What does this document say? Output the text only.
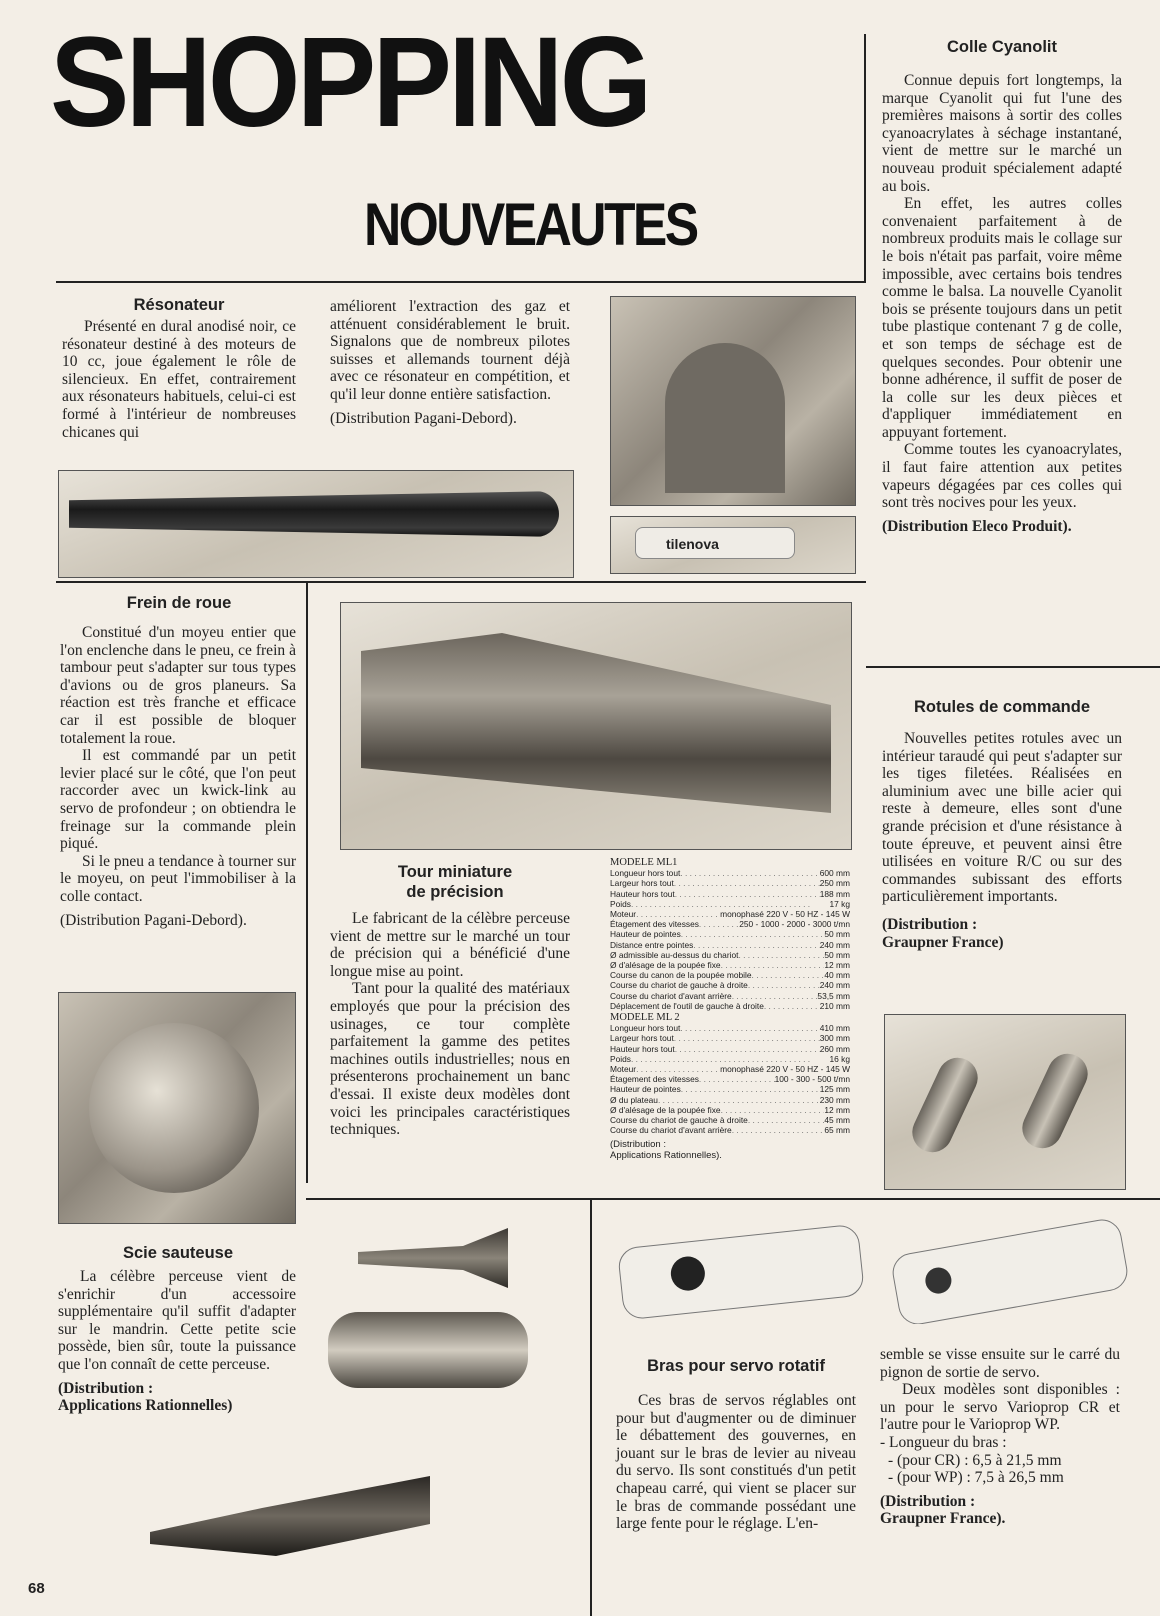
SHOPPING
NOUVEAUTES
Résonateur

Présenté en dural anodisé noir, ce résonateur destiné à des moteurs de 10 cc, joue également le rôle de silencieux. En effet, contrairement aux résonateurs habituels, celui-ci est formé à l'intérieur de nombreuses chicanes qui

améliorent l'extraction des gaz et atténuent considérablement le bruit. Signalons que de nombreux pilotes suisses et allemands tournent déjà avec ce résonateur en compétition, et qu'il leur donne entière satisfaction.

(Distribution Pagani-Debord).

tilenova
Colle Cyanolit

Connue depuis fort longtemps, la marque Cyanolit qui fut l'une des premières maisons à sortir des colles cyanoacrylates à séchage instantané, vient de mettre sur le marché un nouveau produit spécialement adapté au bois.

En effet, les autres colles convenaient parfaitement à de nombreux produits mais le collage sur le bois n'était pas parfait, voire même impossible, avec certains bois tendres comme le balsa. La nouvelle Cyanolit bois se présente toujours dans un petit tube plastique contenant 7 g de colle, et son temps de séchage est de quelques secondes. Pour obtenir une bonne adhérence, il suffit de poser de la colle sur les deux pièces et d'appliquer immédiatement en appuyant fortement.

Comme toutes les cyanoacrylates, il faut faire attention aux petites vapeurs dégagées par ces colles qui sont très nocives pour les yeux.

(Distribution Eleco Produit).

Frein de roue

Constitué d'un moyeu entier que l'on enclenche dans le pneu, ce frein à tambour peut s'adapter sur tous types d'avions ou de gros planeurs. Sa réaction est très franche et efficace car il est possible de bloquer totalement la roue.

Il est commandé par un petit levier placé sur le côté, que l'on peut raccorder avec un kwick-link au servo de profondeur ; on obtiendra le freinage sur la commande plein piqué.

Si le pneu a tendance à tourner sur le moyeu, on peut l'immobiliser à la colle contact.

(Distribution Pagani-Debord).

Tour miniature
de précision

Le fabricant de la célèbre perceuse vient de mettre sur le marché un tour de précision qui a bénéficié d'une longue mise au point.

Tant pour la qualité des matériaux employés que pour la précision des usinages, ce tour complète parfaitement la gamme des petites machines outils industrielles; nous en présenterons prochainement un banc d'essai. Il existe deux modèles dont voici les principales caractéristiques techniques.

MODELE ML1
Longueur hors tout . . .	600 mm
Largeur hors tout . . .	250 mm
Hauteur hors tout . . .	188 mm
Poids . . .	17 kg
Moteur . . .	monophasé 220 V - 50 HZ - 145 W
Étagement des vitesses . . .	250 - 1000 - 2000 - 3000 t/mn
Hauteur de pointes . . .	50 mm
Distance entre pointes . . .	240 mm
Ø admissible au-dessus du chariot . . .	50 mm
Ø d'alésage de la poupée fixe . . .	12 mm
Course du canon de la poupée mobile . . .	40 mm
Course du chariot de gauche à droite . . .	240 mm
Course du chariot d'avant arrière . . .	53,5 mm
Déplacement de l'outil de gauche à droite . . .	210 mm
MODELE ML 2
Longueur hors tout . . .	410 mm
Largeur hors tout . . .	300 mm
Hauteur hors tout . . .	260 mm
Poids . . .	16 kg
Moteur . . .	monophasé 220 V - 50 HZ - 145 W
Étagement des vitesses . . .	100 - 300 - 500 t/mn
Hauteur de pointes . . .	125 mm
Ø du plateau . . .	230 mm
Ø d'alésage de la poupée fixe . . .	12 mm
Course du chariot de gauche à droite . . .	45 mm
Course du chariot d'avant arrière . . .	65 mm
(Distribution :
Applications Rationnelles).
Rotules de commande

Nouvelles petites rotules avec un intérieur taraudé qui peut s'adapter sur les tiges filetées. Réalisées en aluminium avec une bille acier qui reste à demeure, elles sont d'une grande précision et d'une résistance à toute épreuve, et peuvent ainsi être utilisées en voiture R/C ou sur des commandes subissant des efforts particulièrement importants.

(Distribution :

Graupner France)

Scie sauteuse

La célèbre perceuse vient de s'enrichir d'un accessoire supplémentaire qu'il suffit d'adapter sur le mandrin. Cette petite scie possède, bien sûr, toute la puissance que l'on connaît de cette perceuse.

(Distribution :

Applications Rationnelles)

Bras pour servo rotatif

Ces bras de servos réglables ont pour but d'augmenter ou de diminuer le débattement des gouvernes, en jouant sur le bras de levier au niveau du servo. Ils sont constitués d'un petit chapeau carré, qui vient se placer sur le bras de commande possédant une large fente pour le réglage. L'en-

semble se visse ensuite sur le carré du pignon de sortie de servo.

Deux modèles sont disponibles : un pour le servo Varioprop CR et l'autre pour le Varioprop WP.

- Longueur du bras :
- (pour CR) : 6,5 à 21,5 mm
- (pour WP) : 7,5 à 26,5 mm

(Distribution :

Graupner France).

68
